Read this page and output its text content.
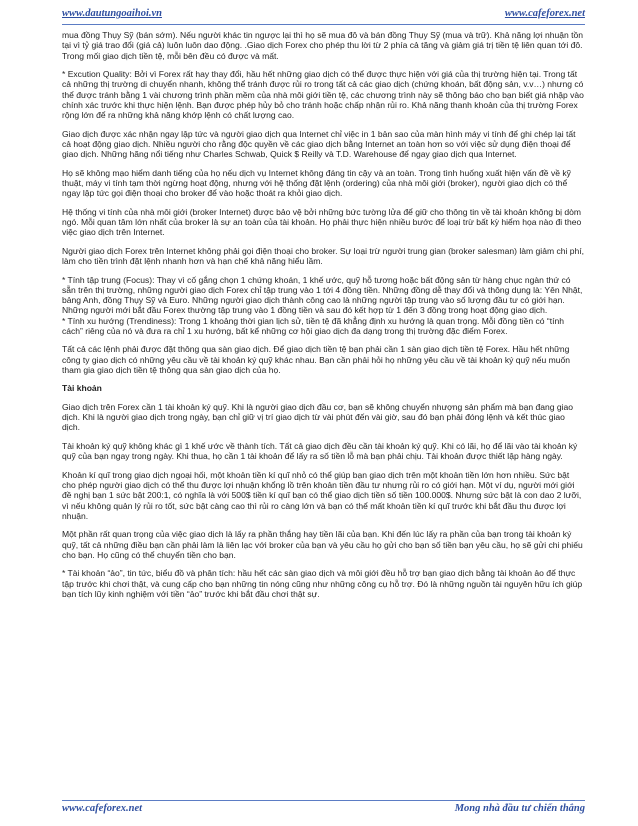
www.dautungoaihoi.vn	www.cafeforex.net

mua đồng Thụy Sỹ (bán sớm). Nếu người khác tin ngược lại thì họ sẽ mua đô và bán đồng Thụy Sỹ (mua và trữ). Khả năng lợi nhuận tồn tại vì tỷ giá trao đổi (giá cả) luôn luôn dao động. .Giao dịch Forex cho phép thu lời từ 2 phía cả tăng và giảm giá trị tiền tệ liên quan tới đô. Trong mối giao dịch tiền tệ, mỗi bên đều có được và mất.

* Excution Quality: Bởi vì Forex rất hay thay đổi, hầu hết những giao dịch có thể được thực hiện với giá của thị trường hiện tại. Trong tất cả những thị trường di chuyển nhanh, không thể tránh được rủi ro trong tất cả các giao dịch (chứng khoán, bất động sản, v.v…) nhưng có thể được tránh bằng 1 vài chương trình phần mềm của nhà môi giới tiền tệ, các chương trình này sẽ thông báo cho bạn biết giá nhập vào chính xác trước khi thực hiện lệnh. Bạn được phép hủy bỏ cho tránh hoặc chấp nhận rủi ro. Khả năng thanh khoản của thị trường Forex rộng lớn để ra những khả năng khớp lệnh có chất lượng cao.

Giao dịch được xác nhận ngay lập tức và người giao dịch qua Internet chỉ việc in 1 bản sao của màn hình máy vi tính để ghi chép lại tất cả hoạt động giao dịch. Nhiều người cho rằng độc quyền về các giao dịch bằng Internet an toàn hơn so với việc sử dụng điện thoại để giao dịch. Những hãng nổi tiếng như Charles Schwab, Quick $ Reilly và T.D. Warehouse để ngay giao dịch qua Internet.

Họ sẽ không mạo hiểm danh tiếng của họ nếu dịch vụ Internet không đáng tin cậy và an toàn. Trong tình huống xuất hiện vấn đề về kỹ thuật, máy vi tính tạm thời ngừng hoạt động, nhưng với hệ thống đặt lệnh (ordering) của nhà môi giới (broker), người giao dịch có thể ngay lập tức gọi điện thoại cho broker để vào hoặc thoát ra khỏi giao dịch.

Hệ thống vi tính của nhà môi giới (broker Internet) được bảo vệ bởi những bức tường lửa để giữ cho thông tin về tài khoản không bị dòm ngó. Mỗi quan tâm lớn nhất của broker là sự an toàn của tài khoản. Họ phải thực hiện nhiều bước để loại trừ bất kỳ hiểm họa nào đi theo việc giao dịch trên Internet.

Người giao dịch Forex trên Internet không phải gọi điện thoại cho broker. Sự loại trừ người trung gian (broker salesman) làm giảm chi phí, làm cho tiền trình đặt lệnh nhanh hơn và hạn chế khả năng hiểu lầm.

* Tính tập trung (Focus): Thay vì cố gắng chọn 1 chứng khoán, 1 khế ước, quỹ hỗ tương hoặc bất động sản từ hàng chục ngàn thứ có sẵn trên thị trường, những người giao dịch Forex chỉ tập trung vào 1 tới 4 đồng tiền. Những đồng dễ thay đổi và thông dụng là: Yên Nhật, bảng Anh, đồng Thụy Sỹ và Euro. Những người giao dịch thành công cao là những người tập trung vào số lượng đầu tư có giới hạn. Những người mới bắt đầu Forex thường tập trung vào 1 đồng tiền và sau đó kết hợp từ 1 đến 3 đồng trong hoạt động giao dịch.
* Tính xu hướng (Trendiness): Trong 1 khoảng thời gian lịch sử, tiền tệ đã khẳng định xu hướng là quan trọng. Mỗi đồng tiền có “tính cách” riêng của nó và đưa ra chỉ 1 xu hướng, bất kể những cơ hội giao dịch đa dạng trong thị trường đặc điểm Forex.

Tất cả các lệnh phải được đặt thông qua sàn giao dịch. Để giao dịch tiền tệ bạn phải cần 1 sàn giao dịch tiền tệ Forex. Hầu hết những công ty giao dịch có những yêu cầu về tài khoản ký quỹ khác nhau. Bạn cần phải hỏi họ những yêu cầu về tài khoản ký quỹ nếu muốn tham gia giao dịch tiền tệ thông qua sàn giao dịch của họ.

Tài khoản

Giao dịch trên Forex cần 1 tài khoản ký quỹ. Khi là người giao dịch đầu cơ, bạn sẽ không chuyển nhượng sản phẩm mà bạn đang giao dịch. Khi là người giao dịch trong ngày, bạn chỉ giữ vị trí giao dịch từ vài phút đến vài giờ, sau đó bạn phải đóng lệnh và kết thúc giao dịch.

Tài khoản ký quỹ không khác gì 1 khế ước về thành tích. Tất cả giao dịch đều cần tài khoản ký quỹ. Khi có lãi, họ để lãi vào tài khoản ký quỹ của bạn ngay trong ngày. Khi thua, họ cần 1 tài khoản để lấy ra số tiền lỗ mà bạn phải chịu. Tài khoản được thiết lập hàng ngày.

Khoản kí quĩ trong giao dịch ngoại hối, một khoản tiền kí quĩ nhỏ có thể giúp bạn giao dịch trên một khoản tiền lớn hơn nhiều. Sức bật cho phép người giao dịch có thể thu được lợi nhuận khổng lồ trên khoản tiền đầu tư nhưng rủi ro có giới hạn. Một ví dụ, người mới giới đề nghị bạn 1 sức bật 200:1, có nghĩa là với 500$ tiền kí quĩ bạn có thể giao dịch tiền số tiền 100.000$. Nhưng sức bật là con dao 2 lưỡi, vì nếu không quản lý rủi ro tốt, sức bật càng cao thì rủi ro càng lớn và bạn có thể mất khoản tiền kí quĩ trước khi bắt đầu thu được lợi nhuận.

Một phần rất quan trọng của việc giao dịch là lấy ra phần thắng hay tiền lãi của bạn. Khi đến lúc lấy ra phần của bạn trong tài khoản ký quỹ, tất cả những điều bạn cần phải làm là liên lạc với broker của bạn và yêu cầu họ gửi cho bạn số tiền bạn yêu cầu, họ sẽ gửi chi phiếu cho bạn. Họ cũng có thể chuyển tiền cho bạn.

* Tài khoản “ảo”, tin tức, biểu đồ và phân tích: hầu hết các sàn giao dịch và môi giới đều hỗ trợ bạn giao dịch bằng tài khoản ảo để thực tập trước khi chơi thật, và cung cấp cho bạn những tin nóng cũng như những công cụ hỗ trợ. Đó là những nguồn tài nguyên hữu ích giúp bạn tích lũy kinh nghiệm với tiền “ảo” trước khi bắt đầu chơi thật sự.

www.cafeforex.net	Mong nhà đầu tư chiến thắng
